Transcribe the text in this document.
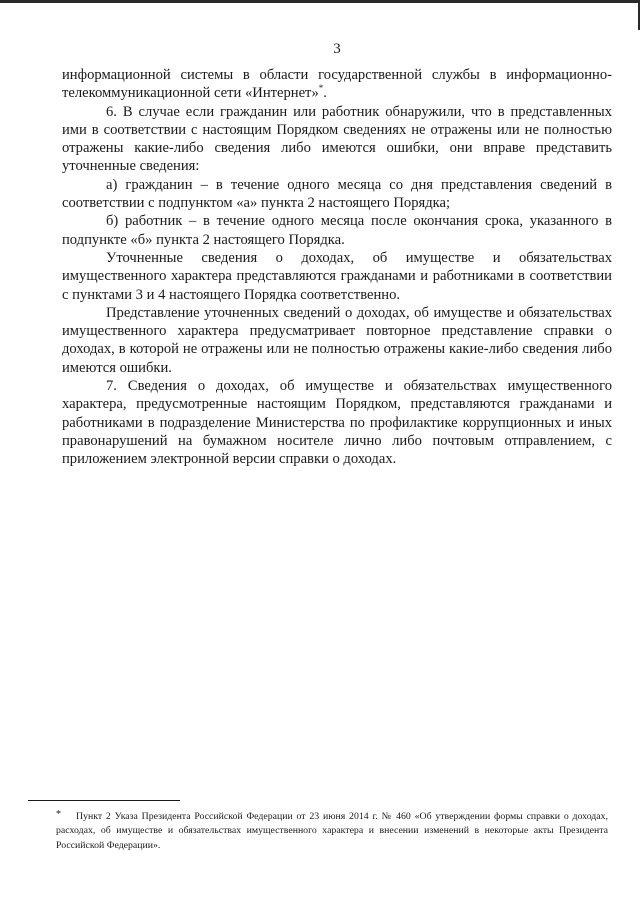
3

информационной системы в области государственной службы в информационно-телекоммуникационной сети «Интернет»*.

6. В случае если гражданин или работник обнаружили, что в представленных ими в соответствии с настоящим Порядком сведениях не отражены или не полностью отражены какие-либо сведения либо имеются ошибки, они вправе представить уточненные сведения:

а) гражданин – в течение одного месяца со дня представления сведений в соответствии с подпунктом «а» пункта 2 настоящего Порядка;

б) работник – в течение одного месяца после окончания срока, указанного в подпункте «б» пункта 2 настоящего Порядка.

Уточненные сведения о доходах, об имуществе и обязательствах имущественного характера представляются гражданами и работниками в соответствии с пунктами 3 и 4 настоящего Порядка соответственно.

Представление уточненных сведений о доходах, об имуществе и обязательствах имущественного характера предусматривает повторное представление справки о доходах, в которой не отражены или не полностью отражены какие-либо сведения либо имеются ошибки.

7. Сведения о доходах, об имуществе и обязательствах имущественного характера, предусмотренные настоящим Порядком, представляются гражданами и работниками в подразделение Министерства по профилактике коррупционных и иных правонарушений на бумажном носителе лично либо почтовым отправлением, с приложением электронной версии справки о доходах.

*	Пункт 2 Указа Президента Российской Федерации от 23 июня 2014 г. № 460 «Об утверждении формы справки о доходах, расходах, об имуществе и обязательствах имущественного характера и внесении изменений в некоторые акты Президента Российской Федерации».
